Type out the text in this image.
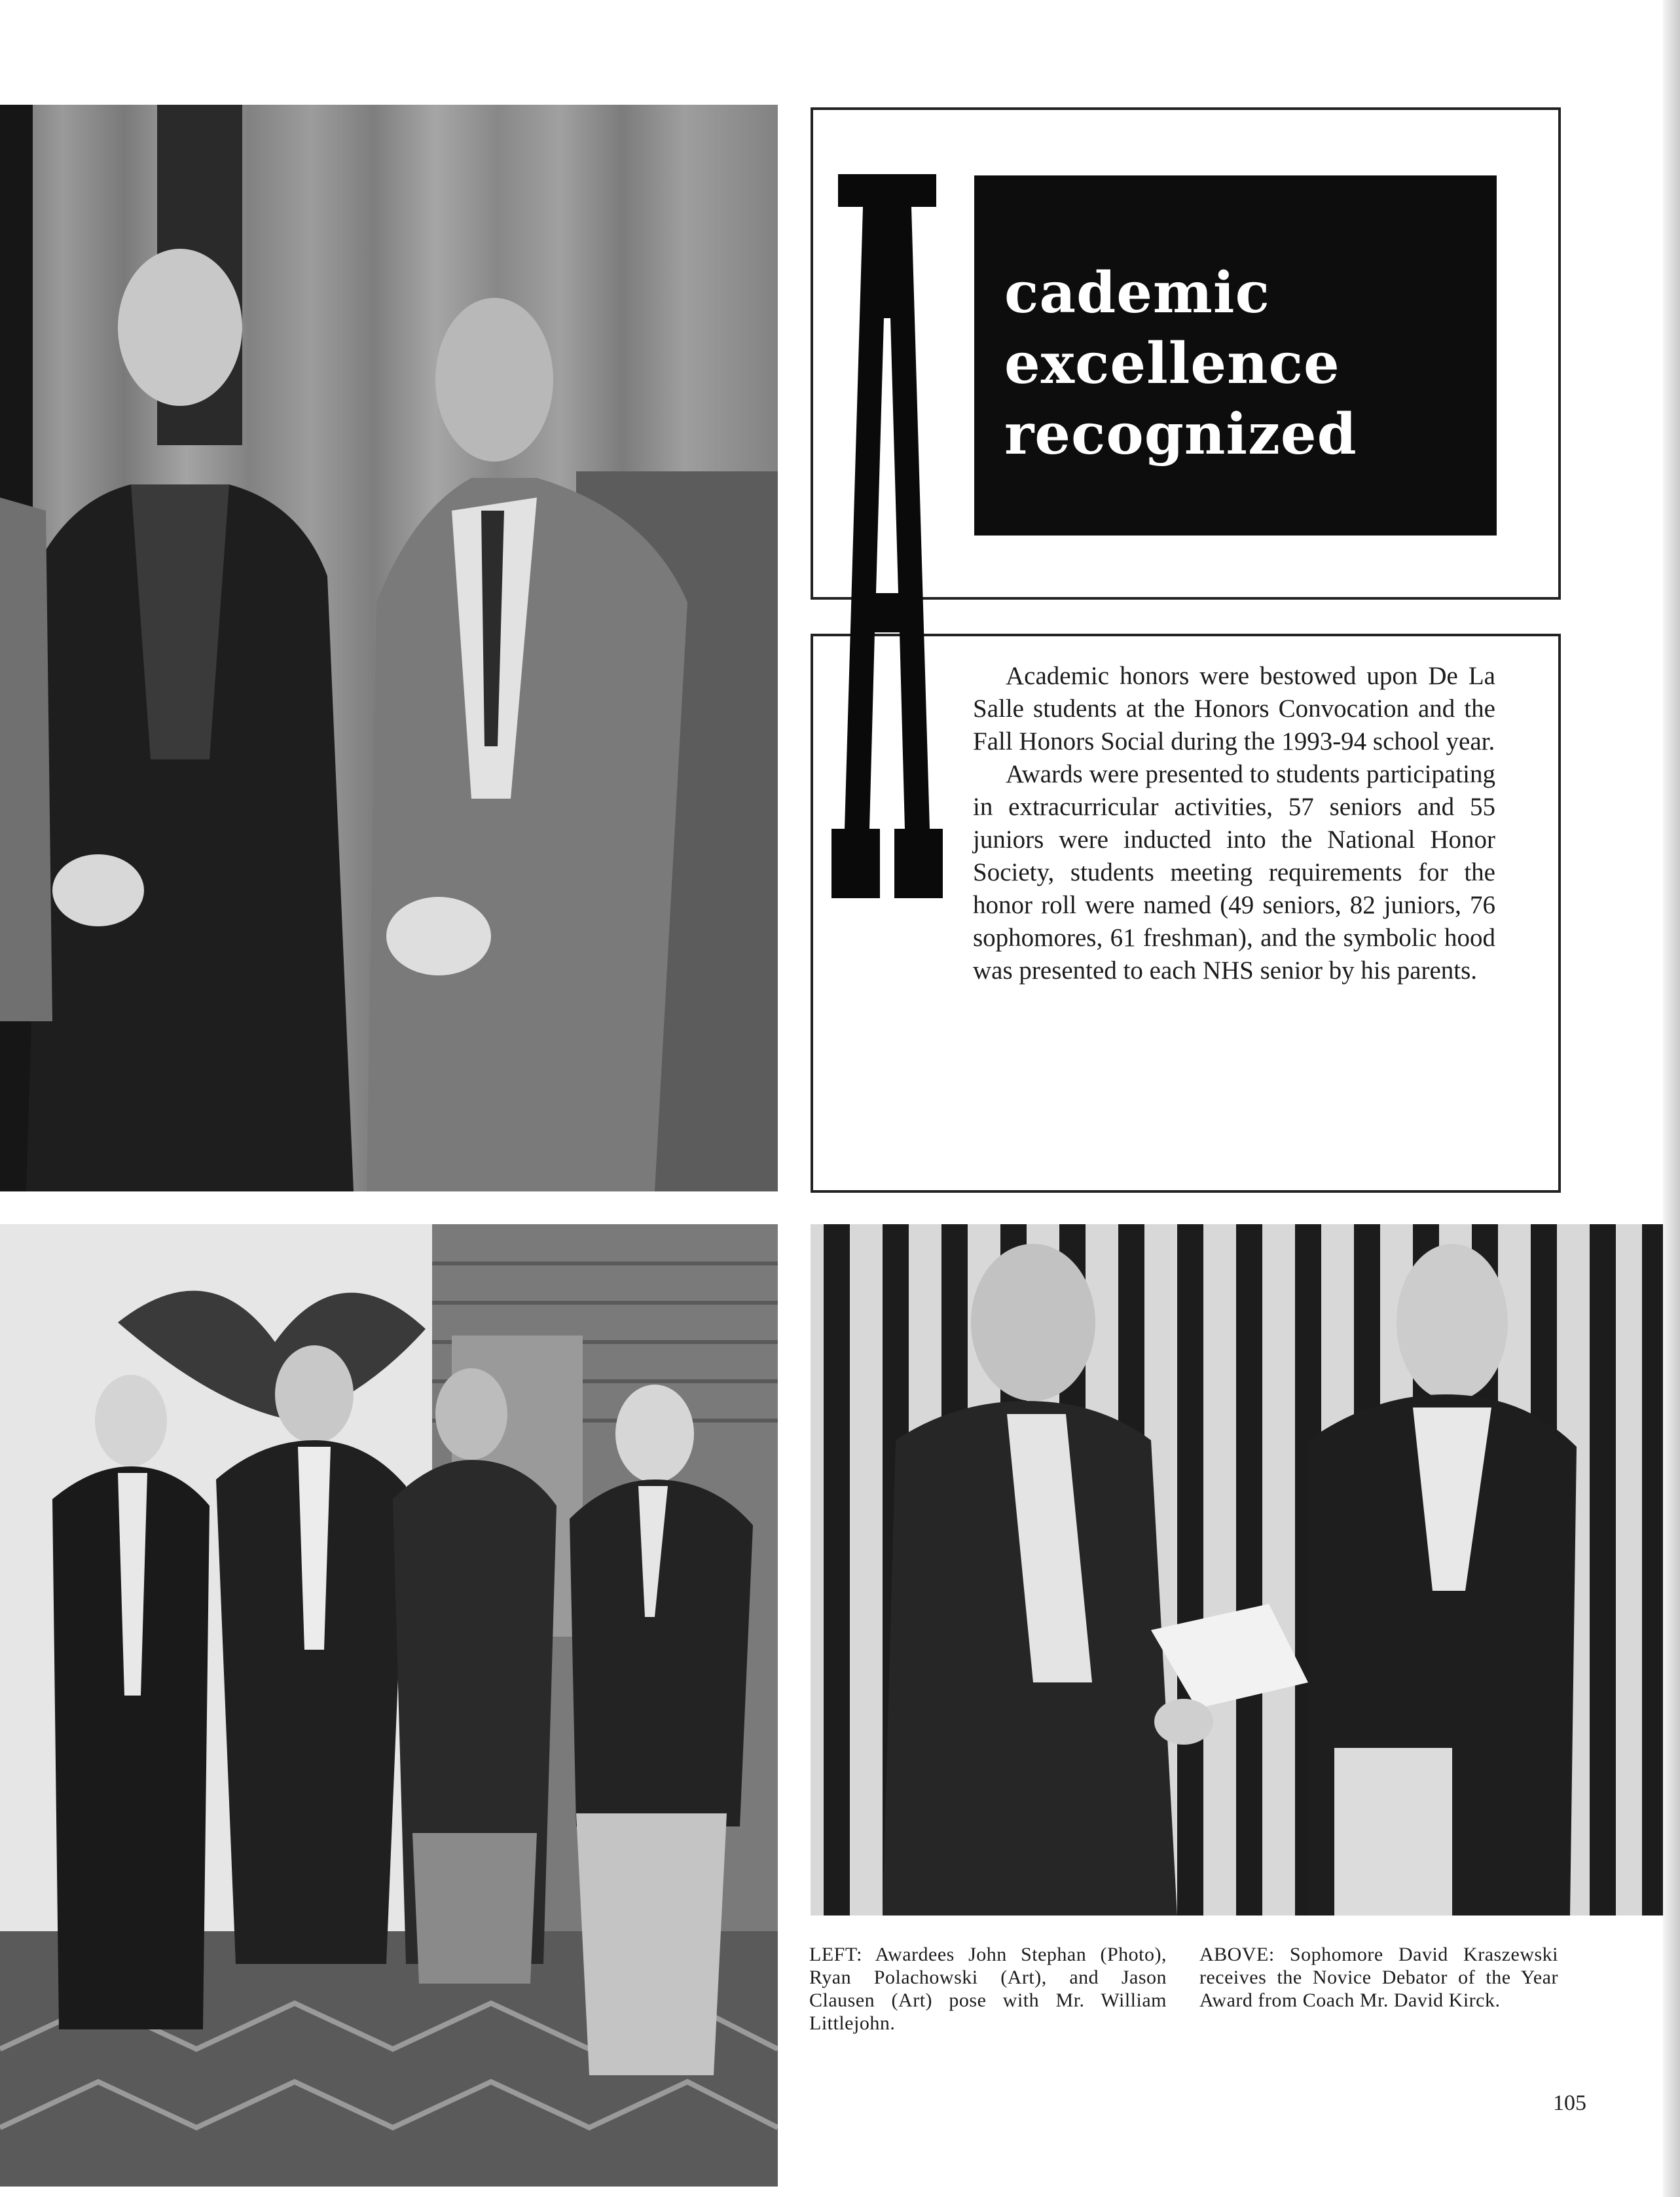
cademic
excellence
recognized

Academic honors were bestowed upon De La Salle students at the Honors Convocation and the Fall Honors Social during the 1993-94 school year.

Awards were presented to students participating in extracurricular activities, 57 seniors and 55 juniors were inducted into the National Honor Society, students meeting requirements for the honor roll were named (49 seniors, 82 juniors, 76 sophomores, 61 freshman), and the symbolic hood was presented to each NHS senior by his parents.

LEFT: Awardees John Stephan (Photo), Ryan Polachowski (Art), and Jason Clausen (Art) pose with Mr. William Littlejohn.
ABOVE: Sophomore David Kraszewski receives the Novice Debator of the Year Award from Coach Mr. David Kirck.
105
